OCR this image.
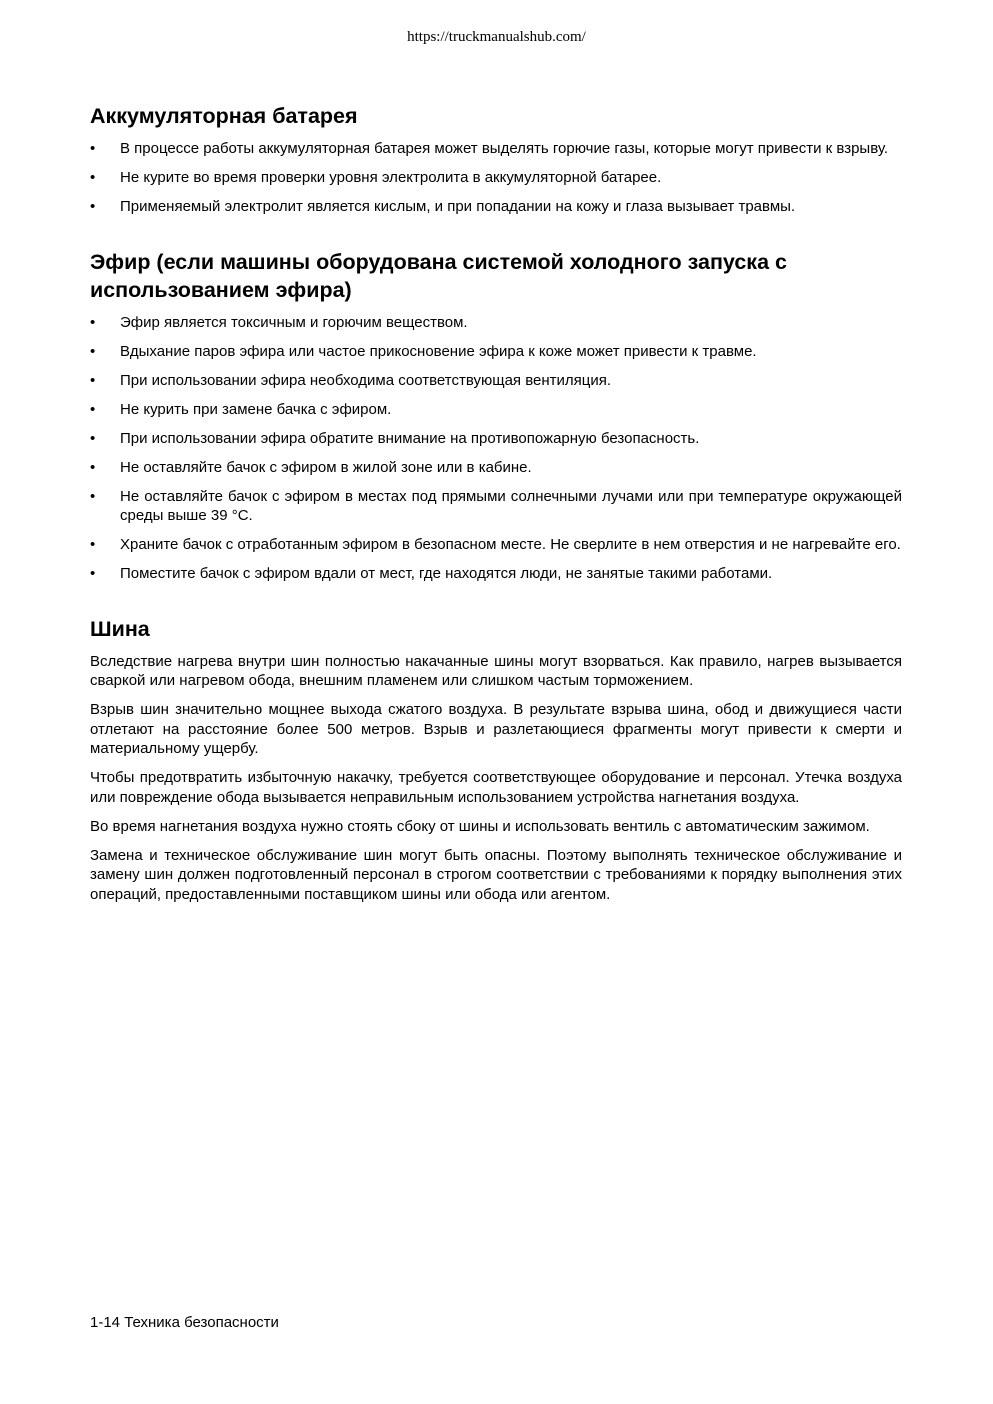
https://truckmanualshub.com/
Аккумуляторная батарея
•	В процессе работы аккумуляторная батарея может выделять горючие газы, которые могут привести к взрыву.
•	Не курите во время проверки уровня электролита в аккумуляторной батарее.
•	Применяемый электролит является кислым, и при попадании на кожу и глаза вызывает травмы.
Эфир (если машины оборудована системой холодного запуска с использованием эфира)
•	Эфир является токсичным и горючим веществом.
•	Вдыхание паров эфира или частое прикосновение эфира к коже может привести к травме.
•	При использовании эфира необходима соответствующая вентиляция.
•	Не курить при замене бачка с эфиром.
•	При использовании эфира обратите внимание на противопожарную безопасность.
•	Не оставляйте бачок с эфиром в жилой зоне или в кабине.
•	Не оставляйте бачок с эфиром в местах под прямыми солнечными лучами или при температуре окружающей среды выше 39 °C.
•	Храните бачок с отработанным эфиром в безопасном месте. Не сверлите в нем отверстия и не нагревайте его.
•	Поместите бачок с эфиром вдали от мест, где находятся люди, не занятые такими работами.
Шина

Вследствие нагрева внутри шин полностью накачанные шины могут взорваться. Как правило, нагрев вызывается сваркой или нагревом обода, внешним пламенем или слишком частым торможением.

Взрыв шин значительно мощнее выхода сжатого воздуха. В результате взрыва шина, обод и движущиеся части отлетают на расстояние более 500 метров. Взрыв и разлетающиеся фрагменты могут привести к смерти и материальному ущербу.

Чтобы предотвратить избыточную накачку, требуется соответствующее оборудование и персонал. Утечка воздуха или повреждение обода вызывается неправильным использованием устройства нагнетания воздуха.

Во время нагнетания воздуха нужно стоять сбоку от шины и использовать вентиль с автоматическим зажимом.

Замена и техническое обслуживание шин могут быть опасны. Поэтому выполнять техническое обслуживание и замену шин должен подготовленный персонал в строгом соответствии с требованиями к порядку выполнения этих операций, предоставленными поставщиком шины или обода или агентом.

1-14 Техника безопасности
